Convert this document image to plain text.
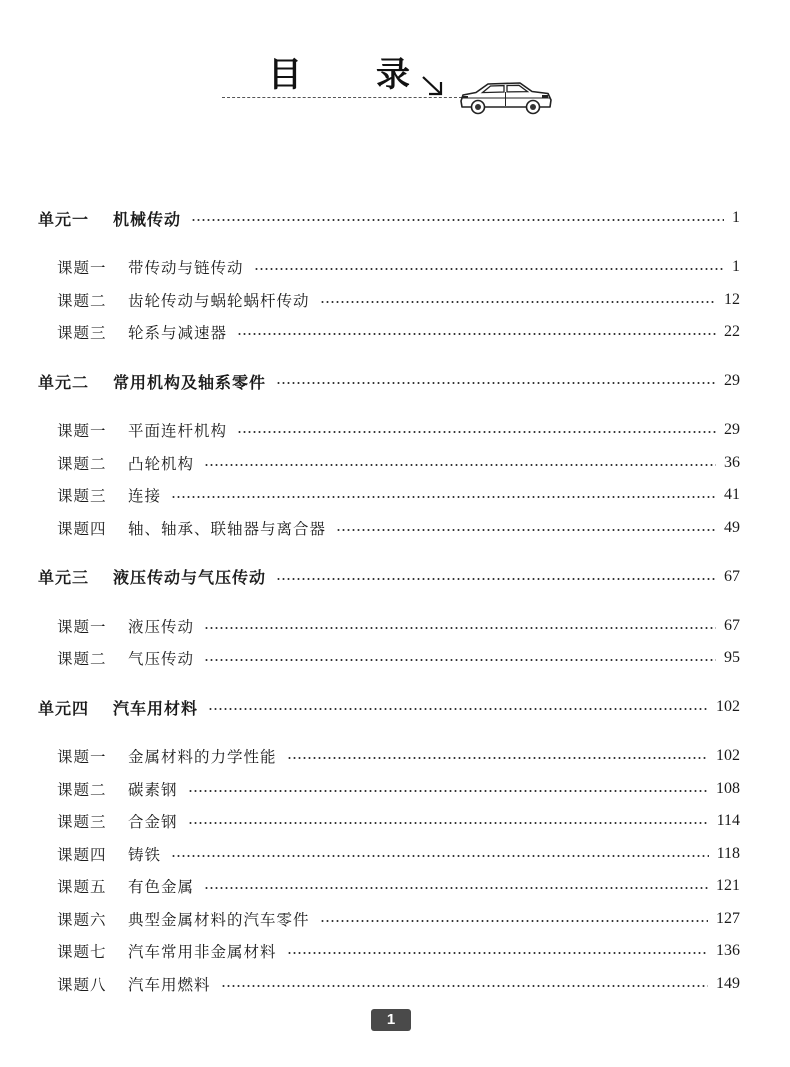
目 录
单元一	机械传动	1
课题一	带传动与链传动	1
课题二	齿轮传动与蜗轮蜗杆传动	12
课题三	轮系与减速器	22
单元二	常用机构及轴系零件	29
课题一	平面连杆机构	29
课题二	凸轮机构	36
课题三	连接	41
课题四	轴、轴承、联轴器与离合器	49
单元三	液压传动与气压传动	67
课题一	液压传动	67
课题二	气压传动	95
单元四	汽车用材料	102
课题一	金属材料的力学性能	102
课题二	碳素钢	108
课题三	合金钢	114
课题四	铸铁	118
课题五	有色金属	121
课题六	典型金属材料的汽车零件	127
课题七	汽车常用非金属材料	136
课题八	汽车用燃料	149
1
